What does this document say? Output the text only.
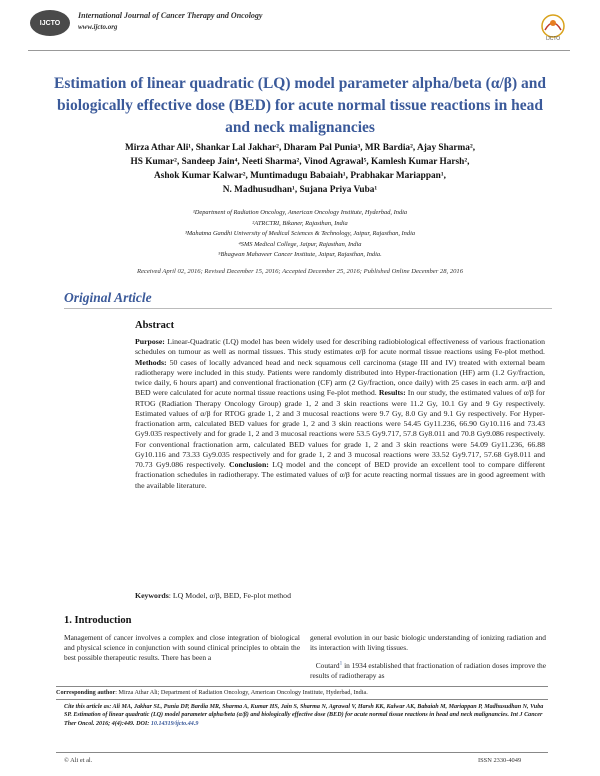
IJCTO
International Journal of Cancer Therapy and Oncology
www.ijcto.org
IJCTO
Estimation of linear quadratic (LQ) model parameter alpha/beta (α/β) and biologically effective dose (BED) for acute normal tissue reactions in head and neck malignancies
Mirza Athar Ali¹, Shankar Lal Jakhar², Dharam Pal Punia³, MR Bardia², Ajay Sharma²,
HS Kumar², Sandeep Jain⁴, Neeti Sharma², Vinod Agrawal⁵, Kamlesh Kumar Harsh²,
Ashok Kumar Kalwar², Muntimadugu Babaiah¹, Prabhakar Mariappan¹,
N. Madhusudhan¹, Sujana Priya Vuba¹
¹Department of Radiation Oncology, American Oncology Institute, Hyderbad, India
²ATRCTRI, Bikaner, Rajasthan, India
³Mahatma Gandhi University of Medical Sciences & Technology, Jaipur, Rajasthan, India
⁴SMS Medical College, Jaipur, Rajasthan, India
⁵Bhagwan Mahaveer Cancer Institute, Jaipur, Rajasthan, India.
Received April 02, 2016; Revised December 15, 2016; Accepted December 25, 2016; Published Online December 28, 2016
Original Article
Abstract
Purpose: Linear-Quadratic (LQ) model has been widely used for describing radiobiological effectiveness of various fractionation schedules on tumour as well as normal tissues. This study estimates α/β for acute normal tissue reactions using Fe-plot method. Methods: 50 cases of locally advanced head and neck squamous cell carcinoma (stage III and IV) treated with external beam radiotherapy were included in this study. Patients were randomly distributed into Hyper-fractionation (HF) arm (1.2 Gy/fraction, twice daily, 6 hours apart) and conventional fractionation (CF) arm (2 Gy/fraction, once daily) with 25 cases in each arm. α/β and BED were calculated for acute normal tissue reactions using Fe-plot method. Results: In our study, the estimated values of α/β for RTOG (Radiation Therapy Oncology Group) grade 1, 2 and 3 skin reactions were 11.2 Gy, 10.1 Gy and 9 Gy respectively. Estimated values of α/β for RTOG grade 1, 2 and 3 mucosal reactions were 9.7 Gy, 8.0 Gy and 9.1 Gy respectively. For Hyper-fractionation arm, calculated BED values for grade 1, 2 and 3 skin reactions were 54.45 Gy11.236, 66.90 Gy10.116 and 73.43 Gy9.035 respectively and for grade 1, 2 and 3 mucosal reactions were 53.5 Gy9.717, 57.8 Gy8.011 and 70.8 Gy9.086 respectively. For conventional fractionation arm, calculated BED values for grade 1, 2 and 3 skin reactions were 54.09 Gy11.236, 66.88 Gy10.116 and 73.33 Gy9.035 respectively and for grade 1, 2 and 3 mucosal reactions were 33.52 Gy9.717, 57.68 Gy8.011 and 70.73 Gy9.086 respectively. Conclusion: LQ model and the concept of BED provide an excellent tool to compare different fractionation schedules in radiotherapy. The estimated values of α/β for acute reacting normal tissues are in good agreement with the available literature.
Keywords: LQ Model, α/β, BED, Fe-plot method
1. Introduction
Management of cancer involves a complex and close integration of biological and physical science in conjunction with sound clinical principles to obtain the best possible therapeutic results. There has been a

general evolution in our basic biologic understanding of ionizing radiation and its interaction with living tissues.

Coutard$^1$ in 1934 established that fractionation of radiation doses improve the results of radiotherapy as

Corresponding author: Mirza Athar Ali; Department of Radiation Oncology, American Oncology Institute, Hyderbad, India.
Cite this article as: Ali MA, Jakhar SL, Punia DP, Bardia MR, Sharma A, Kumar HS, Jain S, Sharma N, Agrawal V, Harsh KK, Kalwar AK, Babaiah M, Mariappan P, Madhusudhan N, Vuba SP. Estimation of linear quadratic (LQ) model parameter alpha/beta (α/β) and biologically effective dose (BED) for acute normal tissue reactions in head and neck malignancies. Int J Cancer Ther Oncol. 2016; 4(4):449. DOI: 10.14319/ijcto.44.9
© Ali et al.	ISSN 2330-4049
